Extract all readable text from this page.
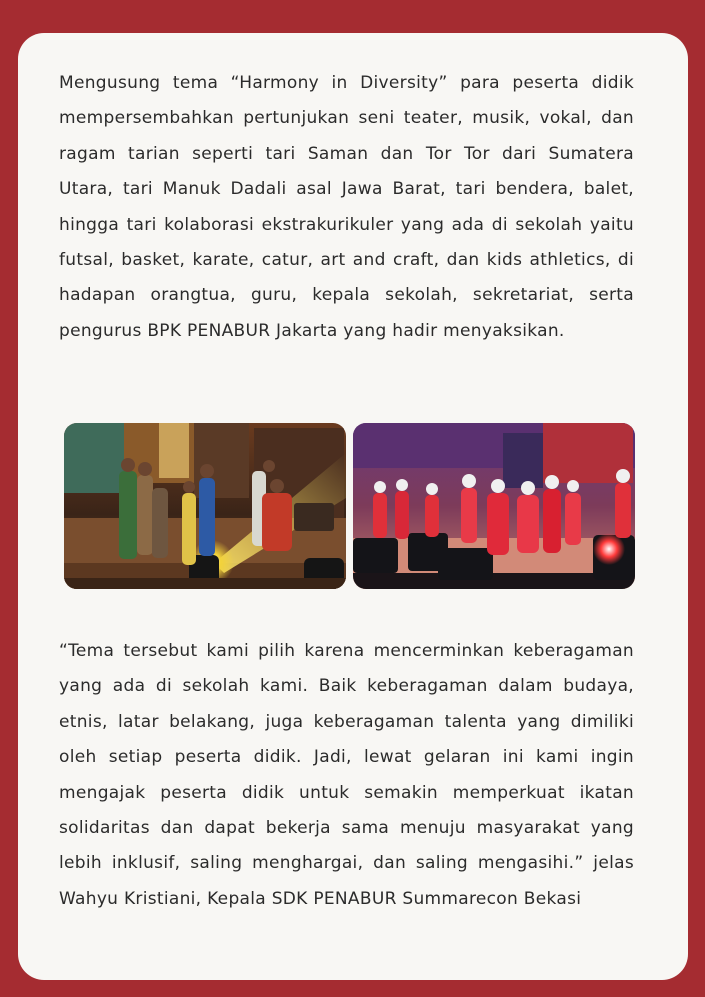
Mengusung tema “Harmony in Diversity” para peserta didik mempersembahkan pertunjukan seni teater, musik, vokal, dan ragam tarian seperti tari Saman dan Tor Tor dari Sumatera Utara, tari Manuk Dadali asal Jawa Barat, tari bendera, balet, hingga tari kolaborasi ekstrakurikuler yang ada di sekolah yaitu futsal, basket, karate, catur, art and craft, dan kids athletics, di hadapan orangtua, guru, kepala sekolah, sekretariat, serta pengurus BPK PENABUR Jakarta yang hadir menyaksikan.

“Tema tersebut kami pilih karena mencerminkan keberagaman yang ada di sekolah kami. Baik keberagaman dalam budaya, etnis, latar belakang, juga keberagaman talenta yang dimiliki oleh setiap peserta didik. Jadi, lewat gelaran ini kami ingin mengajak peserta didik untuk semakin memperkuat ikatan solidaritas dan dapat bekerja sama menuju masyarakat yang lebih inklusif, saling menghargai, dan saling mengasihi.” jelas Wahyu Kristiani, Kepala SDK PENABUR Summarecon Bekasi
